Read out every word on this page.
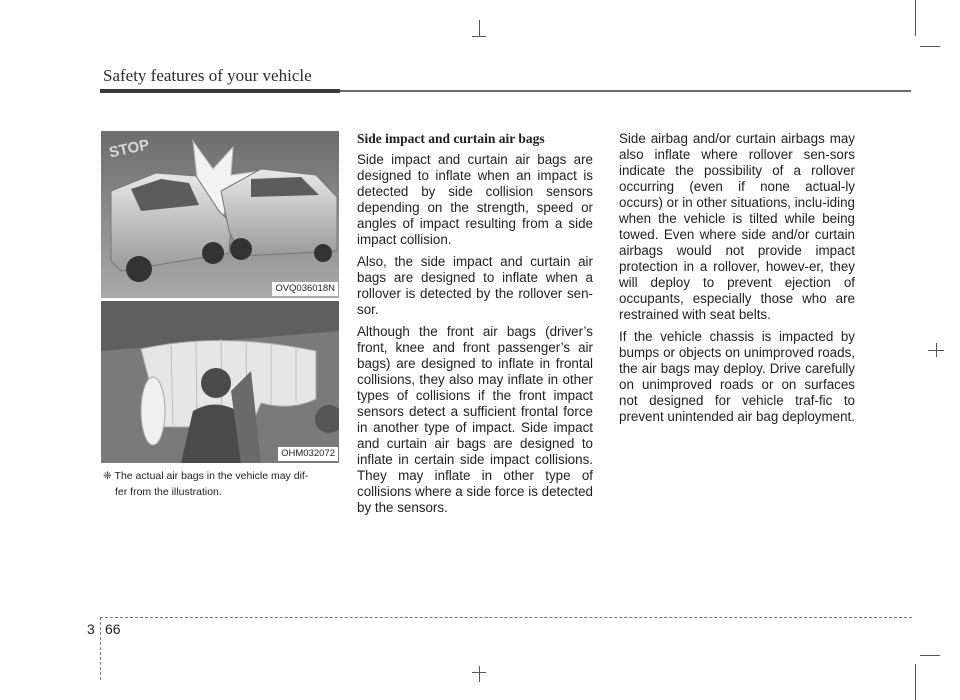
Safety features of your vehicle
STOP
OVQ036018N
OHM032072
❈ The actual air bags in the vehicle may dif-
fer from the illustration.
Side impact and curtain air bags

Side impact and curtain air bags are designed to inflate when an impact is detected by side collision sensors depending on the strength, speed or angles of impact resulting from a side impact collision.

Also, the side impact and curtain air bags are designed to inflate when a rollover is detected by the rollover sen-sor.

Although the front air bags (driver’s front, knee and front passenger’s air bags) are designed to inflate in frontal collisions, they also may inflate in other types of collisions if the front impact sensors detect a sufficient frontal force in another type of impact. Side impact and curtain air bags are designed to inflate in certain side impact collisions. They may inflate in other type of collisions where a side force is detected by the sensors.

Side airbag and/or curtain airbags may also inflate where rollover sen-sors indicate the possibility of a rollover occurring (even if none actual-ly occurs) or in other situations, inclu-iding when the vehicle is tilted while being towed. Even where side and/or curtain airbags would not provide impact protection in a rollover, howev-er, they will deploy to prevent ejection of occupants, especially those who are restrained with seat belts.

If the vehicle chassis is impacted by bumps or objects on unimproved roads, the air bags may deploy. Drive carefully on unimproved roads or on surfaces not designed for vehicle traf-fic to prevent unintended air bag deployment.

3 66
